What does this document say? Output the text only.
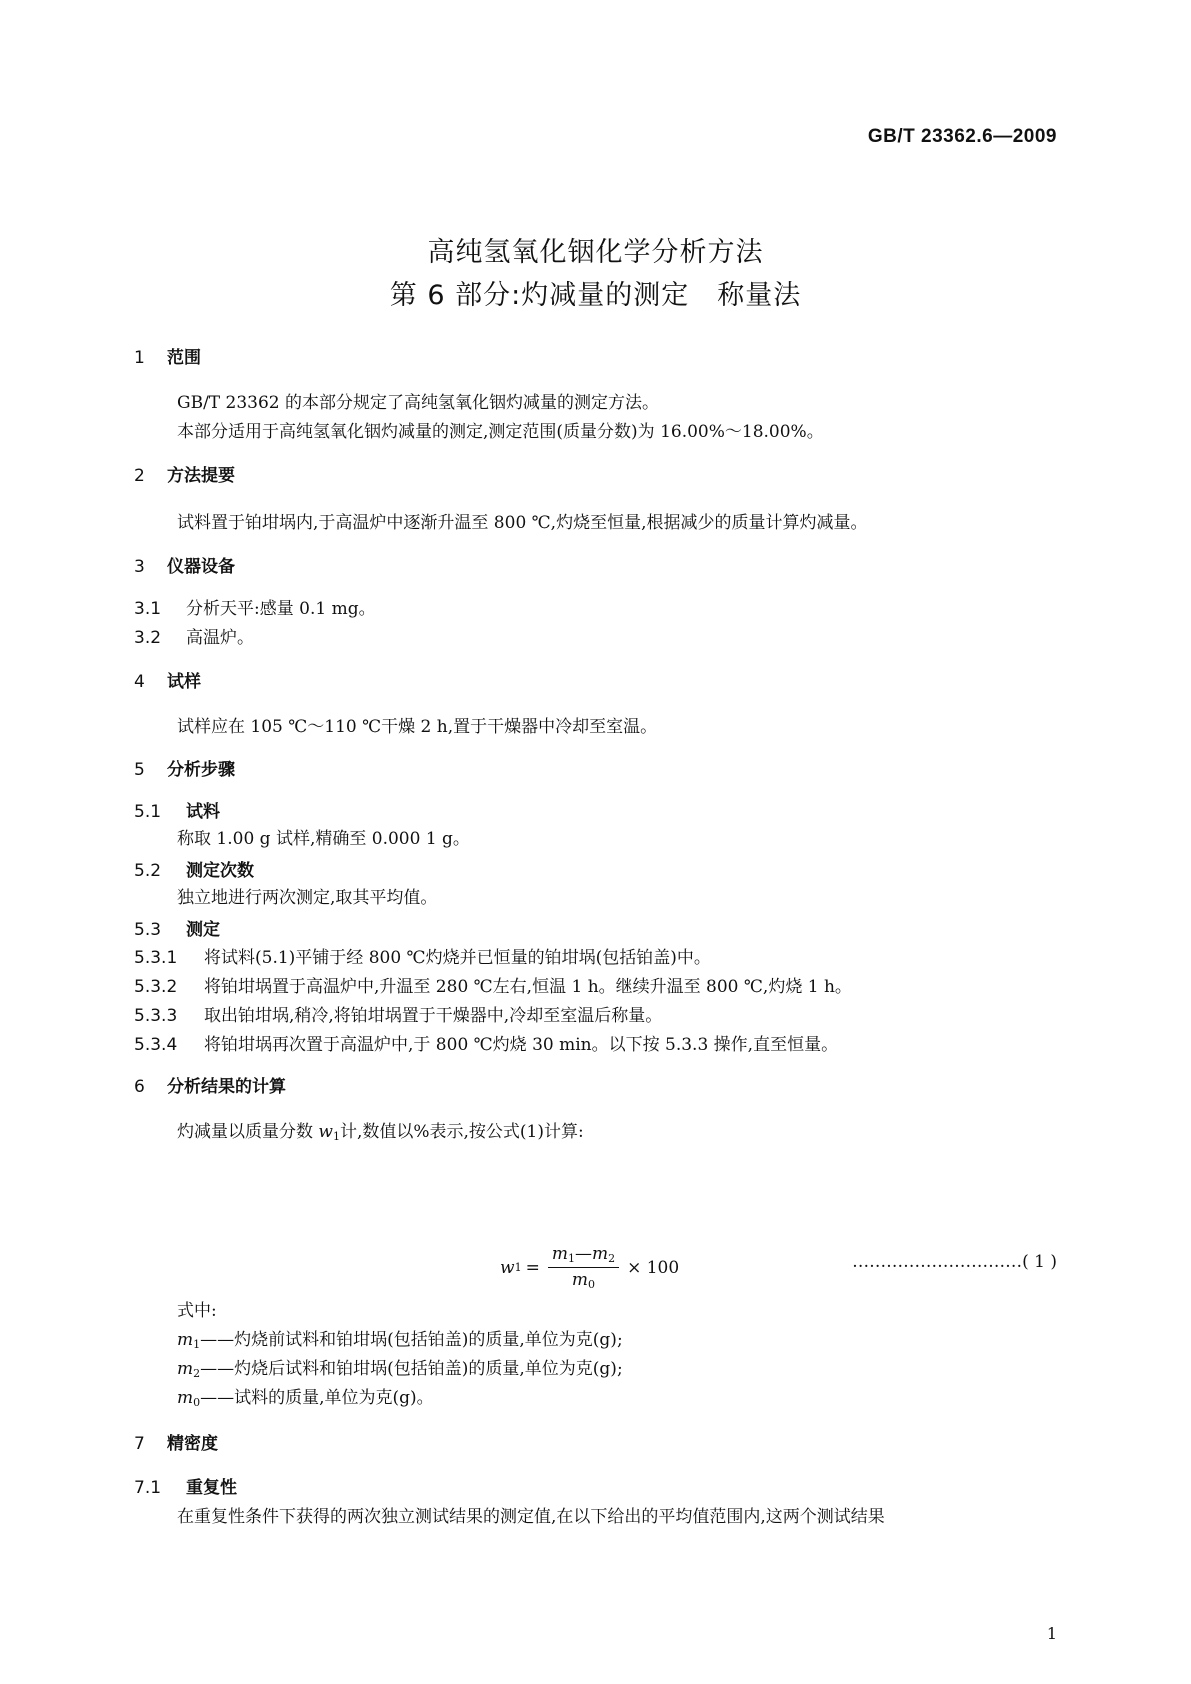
GB/T 23362.6—2009
高纯氢氧化铟化学分析方法
第 6 部分:灼减量的测定　称量法
1 范围
GB/T 23362 的本部分规定了高纯氢氧化铟灼减量的测定方法。
本部分适用于高纯氢氧化铟灼减量的测定,测定范围(质量分数)为 16.00%～18.00%。
2 方法提要
试料置于铂坩埚内,于高温炉中逐渐升温至 800 ℃,灼烧至恒量,根据减少的质量计算灼减量。
3 仪器设备
3.1 分析天平:感量 0.1 mg。
3.2 高温炉。
4 试样
试样应在 105 ℃～110 ℃干燥 2 h,置于干燥器中冷却至室温。
5 分析步骤
5.1 试料
称取 1.00 g 试样,精确至 0.000 1 g。
5.2 测定次数
独立地进行两次测定,取其平均值。
5.3 测定
5.3.1 将试料(5.1)平铺于经 800 ℃灼烧并已恒量的铂坩埚(包括铂盖)中。
5.3.2 将铂坩埚置于高温炉中,升温至 280 ℃左右,恒温 1 h。继续升温至 800 ℃,灼烧 1 h。
5.3.3 取出铂坩埚,稍冷,将铂坩埚置于干燥器中,冷却至室温后称量。
5.3.4 将铂坩埚再次置于高温炉中,于 800 ℃灼烧 30 min。以下按 5.3.3 操作,直至恒量。
6 分析结果的计算
灼减量以质量分数 $w_1$计,数值以%表示,按公式(1)计算:
w $1 = \frac{m_1—m_2}{m_0} \times 100$	…………………………( 1 )
式中:
$m_1——$灼烧前试料和铂坩埚(包括铂盖)的质量,单位为克(g);
$m_2——$灼烧后试料和铂坩埚(包括铂盖)的质量,单位为克(g);
$m_0——$试料的质量,单位为克(g)。
7 精密度
7.1 重复性
在重复性条件下获得的两次独立测试结果的测定值,在以下给出的平均值范围内,这两个测试结果
1
